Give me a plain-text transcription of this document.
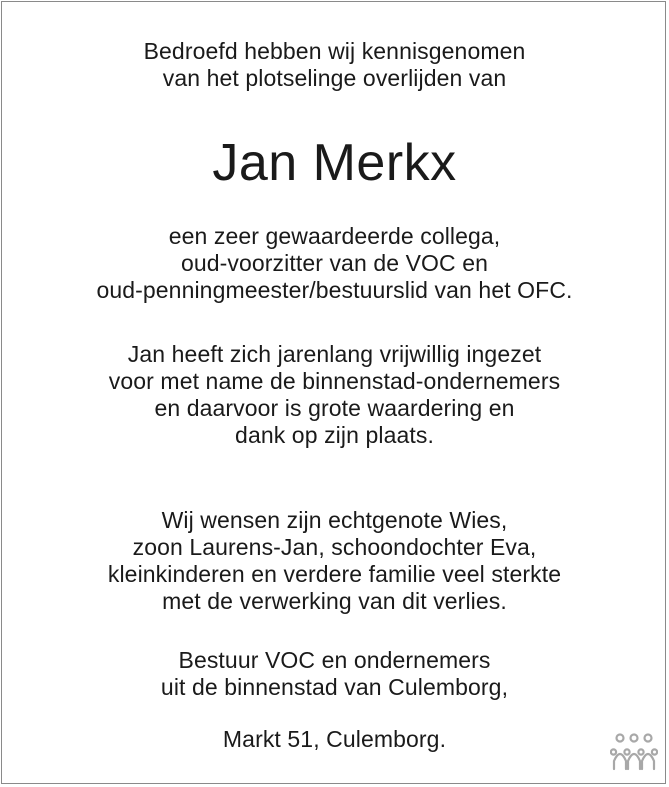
Bedroefd hebben wij kennisgenomen
van het plotselinge overlijden van
Jan Merkx
een zeer gewaardeerde collega,
oud-voorzitter van de VOC en
oud-penningmeester/bestuurslid van het OFC.
Jan heeft zich jarenlang vrijwillig ingezet
voor met name de binnenstad-ondernemers
en daarvoor is grote waardering en
dank op zijn plaats.
Wij wensen zijn echtgenote Wies,
zoon Laurens-Jan, schoondochter Eva,
kleinkinderen en verdere familie veel sterkte
met de verwerking van dit verlies.
Bestuur VOC en ondernemers
uit de binnenstad van Culemborg,
Markt 51, Culemborg.
